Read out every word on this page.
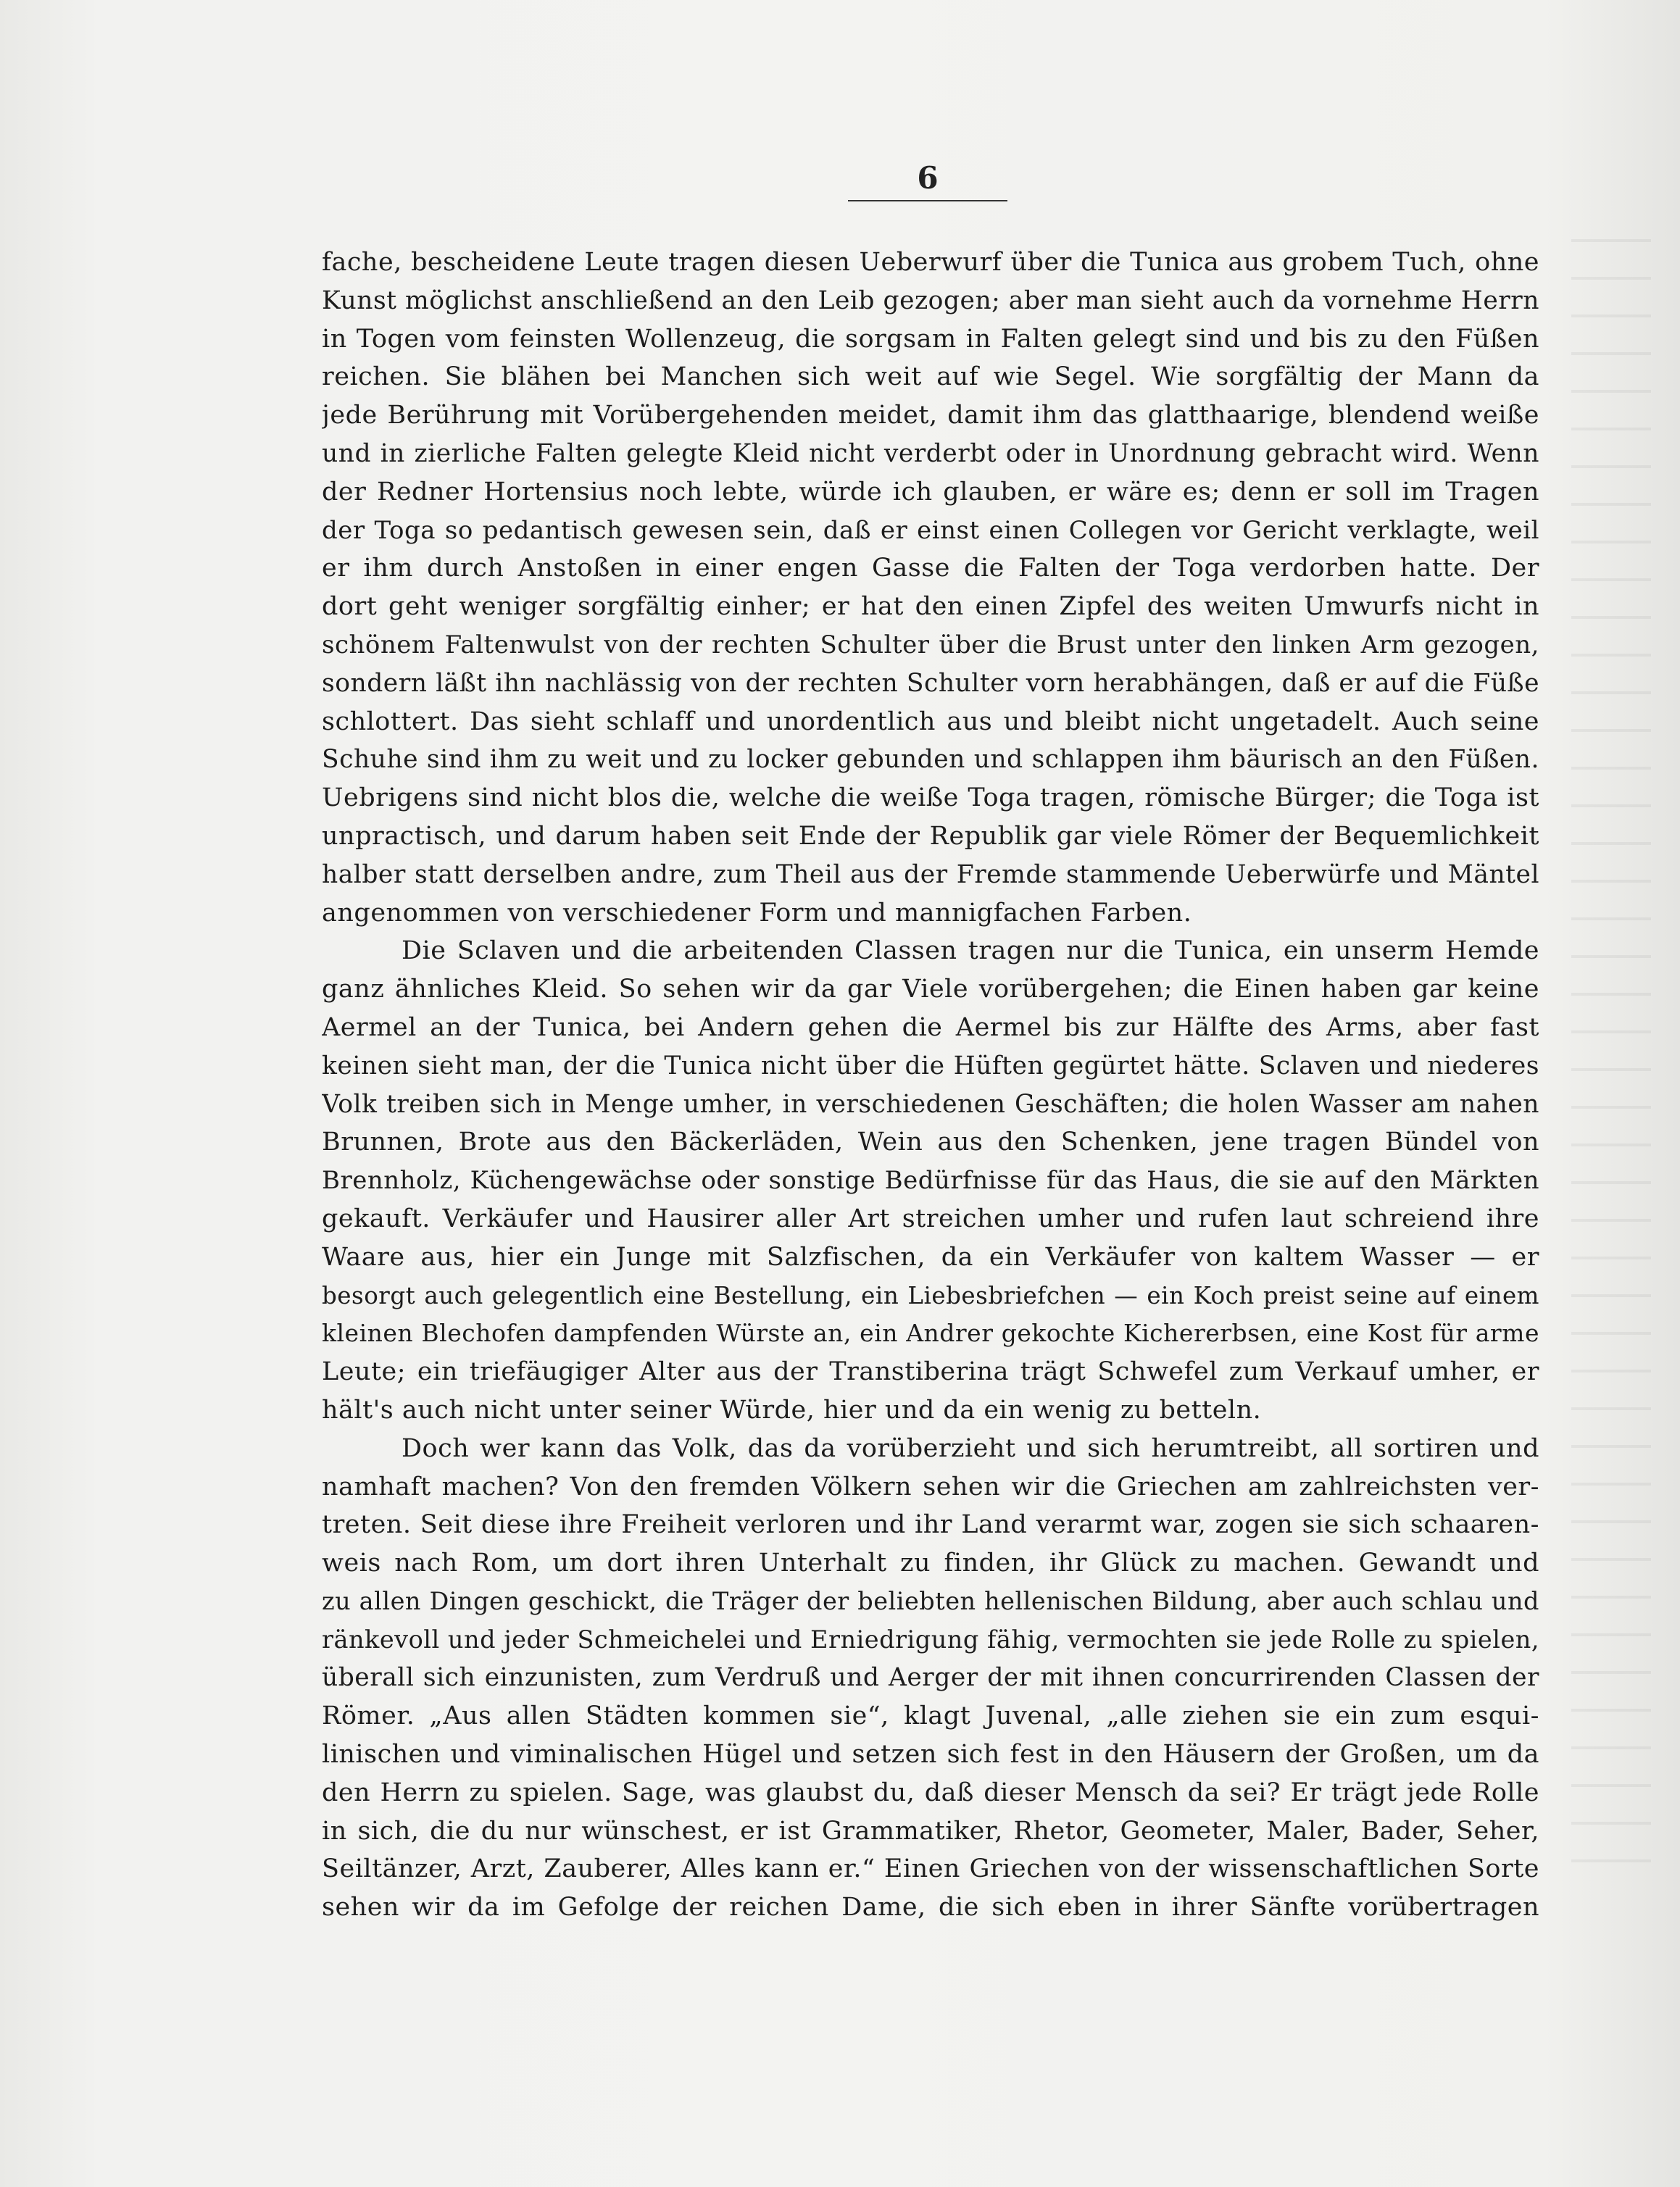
6
fache, bescheidene Leute tragen diesen Ueberwurf über die Tunica aus grobem Tuch, ohne
Kunst möglichst anschließend an den Leib gezogen; aber man sieht auch da vornehme Herrn
in Togen vom feinsten Wollenzeug, die sorgsam in Falten gelegt sind und bis zu den Füßen
reichen. Sie blähen bei Manchen sich weit auf wie Segel. Wie sorgfältig der Mann da
jede Berührung mit Vorübergehenden meidet, damit ihm das glatthaarige, blendend weiße
und in zierliche Falten gelegte Kleid nicht verderbt oder in Unordnung gebracht wird. Wenn
der Redner Hortensius noch lebte, würde ich glauben, er wäre es; denn er soll im Tragen
der Toga so pedantisch gewesen sein, daß er einst einen Collegen vor Gericht verklagte, weil
er ihm durch Anstoßen in einer engen Gasse die Falten der Toga verdorben hatte. Der
dort geht weniger sorgfältig einher; er hat den einen Zipfel des weiten Umwurfs nicht in
schönem Faltenwulst von der rechten Schulter über die Brust unter den linken Arm gezogen,
sondern läßt ihn nachlässig von der rechten Schulter vorn herabhängen, daß er auf die Füße
schlottert. Das sieht schlaff und unordentlich aus und bleibt nicht ungetadelt. Auch seine
Schuhe sind ihm zu weit und zu locker gebunden und schlappen ihm bäurisch an den Füßen.
Uebrigens sind nicht blos die, welche die weiße Toga tragen, römische Bürger; die Toga ist
unpractisch, und darum haben seit Ende der Republik gar viele Römer der Bequemlichkeit
halber statt derselben andre, zum Theil aus der Fremde stammende Ueberwürfe und Mäntel
angenommen von verschiedener Form und mannigfachen Farben.
Die Sclaven und die arbeitenden Classen tragen nur die Tunica, ein unserm Hemde
ganz ähnliches Kleid. So sehen wir da gar Viele vorübergehen; die Einen haben gar keine
Aermel an der Tunica, bei Andern gehen die Aermel bis zur Hälfte des Arms, aber fast
keinen sieht man, der die Tunica nicht über die Hüften gegürtet hätte. Sclaven und niederes
Volk treiben sich in Menge umher, in verschiedenen Geschäften; die holen Wasser am nahen
Brunnen, Brote aus den Bäckerläden, Wein aus den Schenken, jene tragen Bündel von
Brennholz, Küchengewächse oder sonstige Bedürfnisse für das Haus, die sie auf den Märkten
gekauft. Verkäufer und Hausirer aller Art streichen umher und rufen laut schreiend ihre
Waare aus, hier ein Junge mit Salzfischen, da ein Verkäufer von kaltem Wasser — er
besorgt auch gelegentlich eine Bestellung, ein Liebesbriefchen — ein Koch preist seine auf einem
kleinen Blechofen dampfenden Würste an, ein Andrer gekochte Kichererbsen, eine Kost für arme
Leute; ein triefäugiger Alter aus der Transtiberina trägt Schwefel zum Verkauf umher, er
hält's auch nicht unter seiner Würde, hier und da ein wenig zu betteln.
Doch wer kann das Volk, das da vorüberzieht und sich herumtreibt, all sortiren und
namhaft machen? Von den fremden Völkern sehen wir die Griechen am zahlreichsten ver-
treten. Seit diese ihre Freiheit verloren und ihr Land verarmt war, zogen sie sich schaaren-
weis nach Rom, um dort ihren Unterhalt zu finden, ihr Glück zu machen. Gewandt und
zu allen Dingen geschickt, die Träger der beliebten hellenischen Bildung, aber auch schlau und
ränkevoll und jeder Schmeichelei und Erniedrigung fähig, vermochten sie jede Rolle zu spielen,
überall sich einzunisten, zum Verdruß und Aerger der mit ihnen concurrirenden Classen der
Römer. „Aus allen Städten kommen sie“, klagt Juvenal, „alle ziehen sie ein zum esqui-
linischen und viminalischen Hügel und setzen sich fest in den Häusern der Großen, um da
den Herrn zu spielen. Sage, was glaubst du, daß dieser Mensch da sei? Er trägt jede Rolle
in sich, die du nur wünschest, er ist Grammatiker, Rhetor, Geometer, Maler, Bader, Seher,
Seiltänzer, Arzt, Zauberer, Alles kann er.“ Einen Griechen von der wissenschaftlichen Sorte
sehen wir da im Gefolge der reichen Dame, die sich eben in ihrer Sänfte vorübertragen
